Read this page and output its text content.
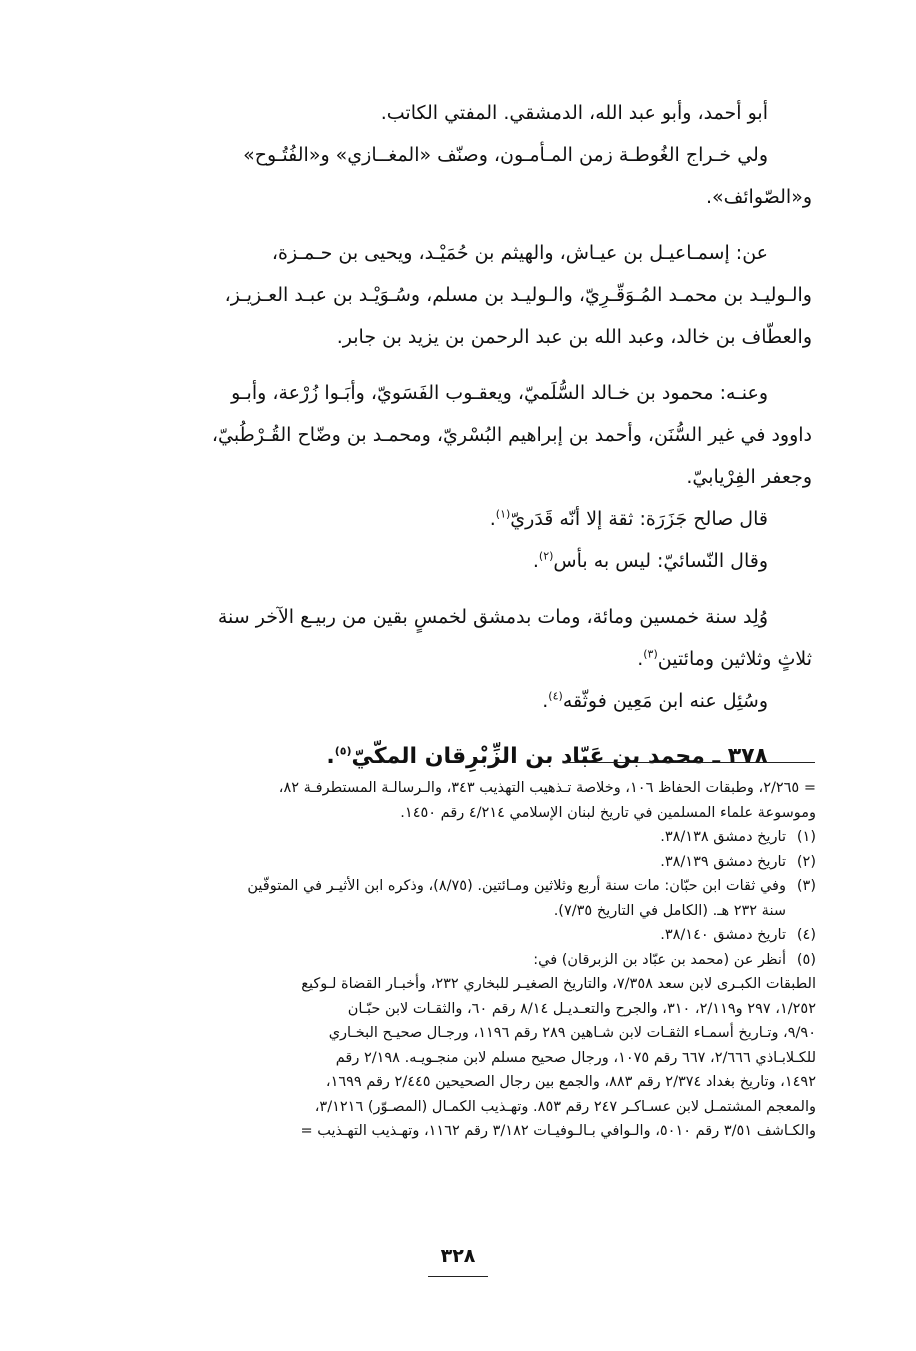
أبو أحمد، وأبو عبد الله، الدمشقي. المفتي الكاتب.

ولي خـراج الغُوطـة زمن المـأمـون، وصنّف «المغــازي» و«الفُتُـوح»

و«الصّوائف».

عن: إسمـاعيـل بن عيـاش، والهيثم بن حُمَيْـد، ويحيى بن حـمـزة،

والـوليـد بن محمـد المُـوَقّـرِيّ، والـوليـد بن مسلم، وسُـوَيْـد بن عبـد العـزيـز،

والعطّاف بن خالد، وعبد الله بن عبد الرحمن بن يزيد بن جابر.

وعنـه: محمود بن خـالد السُّلَميّ، ويعقـوب الفَسَويّ، وأبَـوا زُرْعة، وأبـو

داوود في غير السُّنَن، وأحمد بن إبراهيم البُسْريّ، ومحمـد بن وضّاح القُـرْطُبيّ،

وجعفر الفِرْيابيّ.

قال صالح جَزَرَة: ثقة إلا أنّه قَدَريّ$^{(١)}$.

وقال النّسائيّ: ليس به بأس$^{(٢)}$.

وُلِد سنة خمسين ومائة، ومات بدمشق لخمسٍ بقين من ربيـع الآخر سنة

ثلاثٍ وثلاثين ومائتين$^{(٣)}$.

وسُئِل عنه ابن مَعِين فوثّقه$^{(٤)}$.

٣٧٨ ـ محمد بن عَبّاد بن الزِّبْرِقان المكّيّ$^{(٥)}$.

= ٢/٢٦٥، وطبقات الحفاظ ١٠٦، وخلاصة تـذهيب التهذيب ٣٤٣، والـرسالـة المستطرفـة ٨٢،

وموسوعة علماء المسلمين في تاريخ لبنان الإسلامي ٤/٢١٤ رقم ١٤٥٠.

(١)
تاريخ دمشق ٣٨/١٣٨.
(٢)
تاريخ دمشق ٣٨/١٣٩.
(٣)
وفي ثقات ابن حبّان: مات سنة أربع وثلاثين ومـائتين. (٨/٧٥)، وذكره ابن الأثيـر في المتوفّين

سنة ٢٣٢ هـ. (الكامل في التاريخ ٧/٣٥).

(٤)
تاريخ دمشق ٣٨/١٤٠.
(٥)
أنظر عن (محمد بن عبّاد بن الزبرقان) في:

الطبقات الكبـرى لابن سعد ٧/٣٥٨، والتاريخ الصغيـر للبخاري ٢٣٢، وأخبـار القضاة لـوكيع

١/٢٥٢، ٢٩٧ و٢/١١٩، ٣١٠، والجرح والتعـديـل ٨/١٤ رقم ٦٠، والثقـات لابن حبّـان

٩/٩٠، وتـاريخ أسمـاء الثقـات لابن شـاهين ٢٨٩ رقم ١١٩٦، ورجـال صحيـح البخـاري

للكـلابـاذي ٢/٦٦٦، ٦٦٧ رقم ١٠٧٥، ورجال صحيح مسلم لابن منجـويـه. ٢/١٩٨ رقم

١٤٩٢، وتاريخ بغداد ٢/٣٧٤ رقم ٨٨٣، والجمع بين رجال الصحيحين ٢/٤٤٥ رقم ١٦٩٩،

والمعجم المشتمـل لابن عسـاكـر ٢٤٧ رقم ٨٥٣. وتهـذيب الكمـال (المصـوّر) ٣/١٢١٦،

والكـاشف ٣/٥١ رقم ٥٠١٠، والـوافي بـالـوفيـات ٣/١٨٢ رقم ١١٦٢، وتهـذيب التهـذيب =

٣٢٨
